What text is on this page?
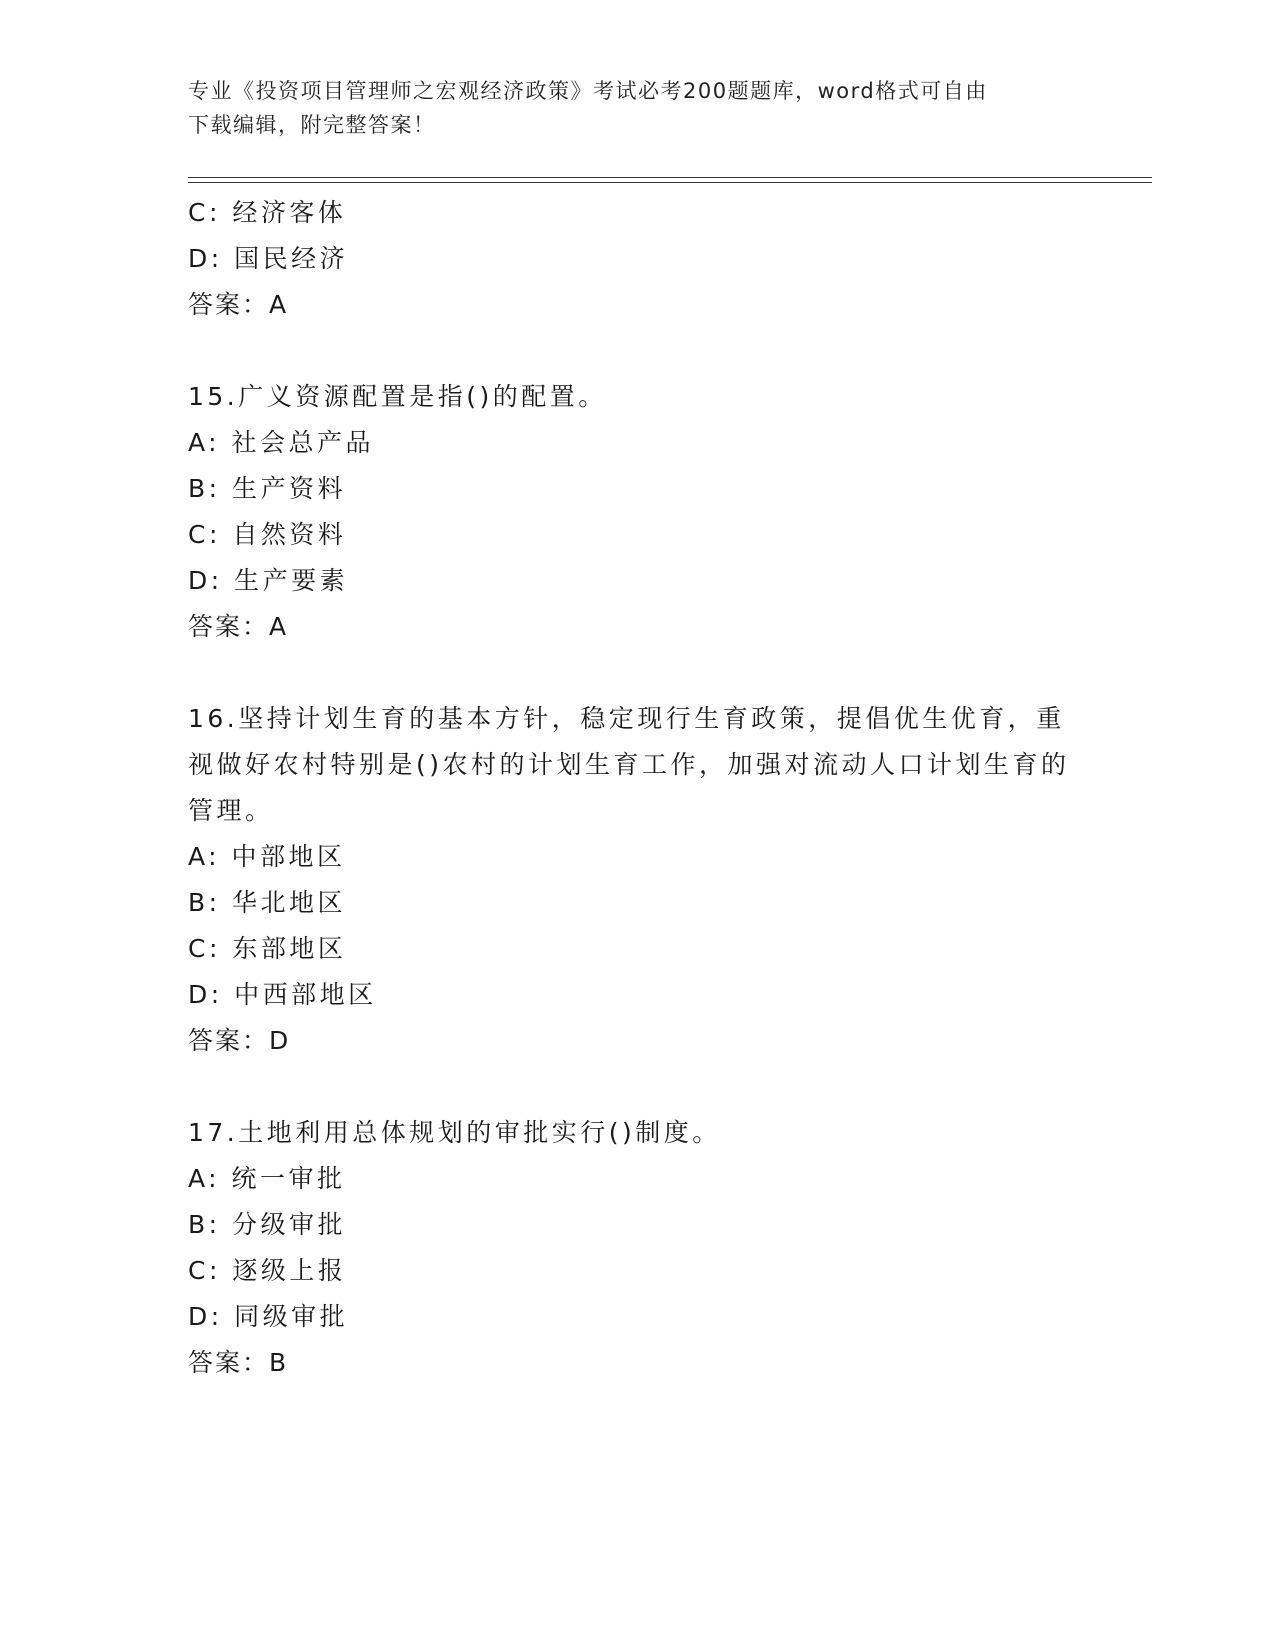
专业《投资项目管理师之宏观经济政策》考试必考200题题库，word格式可自由
下载编辑，附完整答案！
C: 经济客体
D: 国民经济
答案：A
15.广义资源配置是指()的配置。
A: 社会总产品
B: 生产资料
C: 自然资料
D: 生产要素
答案：A
16.坚持计划生育的基本方针，稳定现行生育政策，提倡优生优育，重视做好农村特别是()农村的计划生育工作，加强对流动人口计划生育的管理。
A: 中部地区
B: 华北地区
C: 东部地区
D: 中西部地区
答案：D
17.土地利用总体规划的审批实行()制度。
A: 统一审批
B: 分级审批
C: 逐级上报
D: 同级审批
答案：B
